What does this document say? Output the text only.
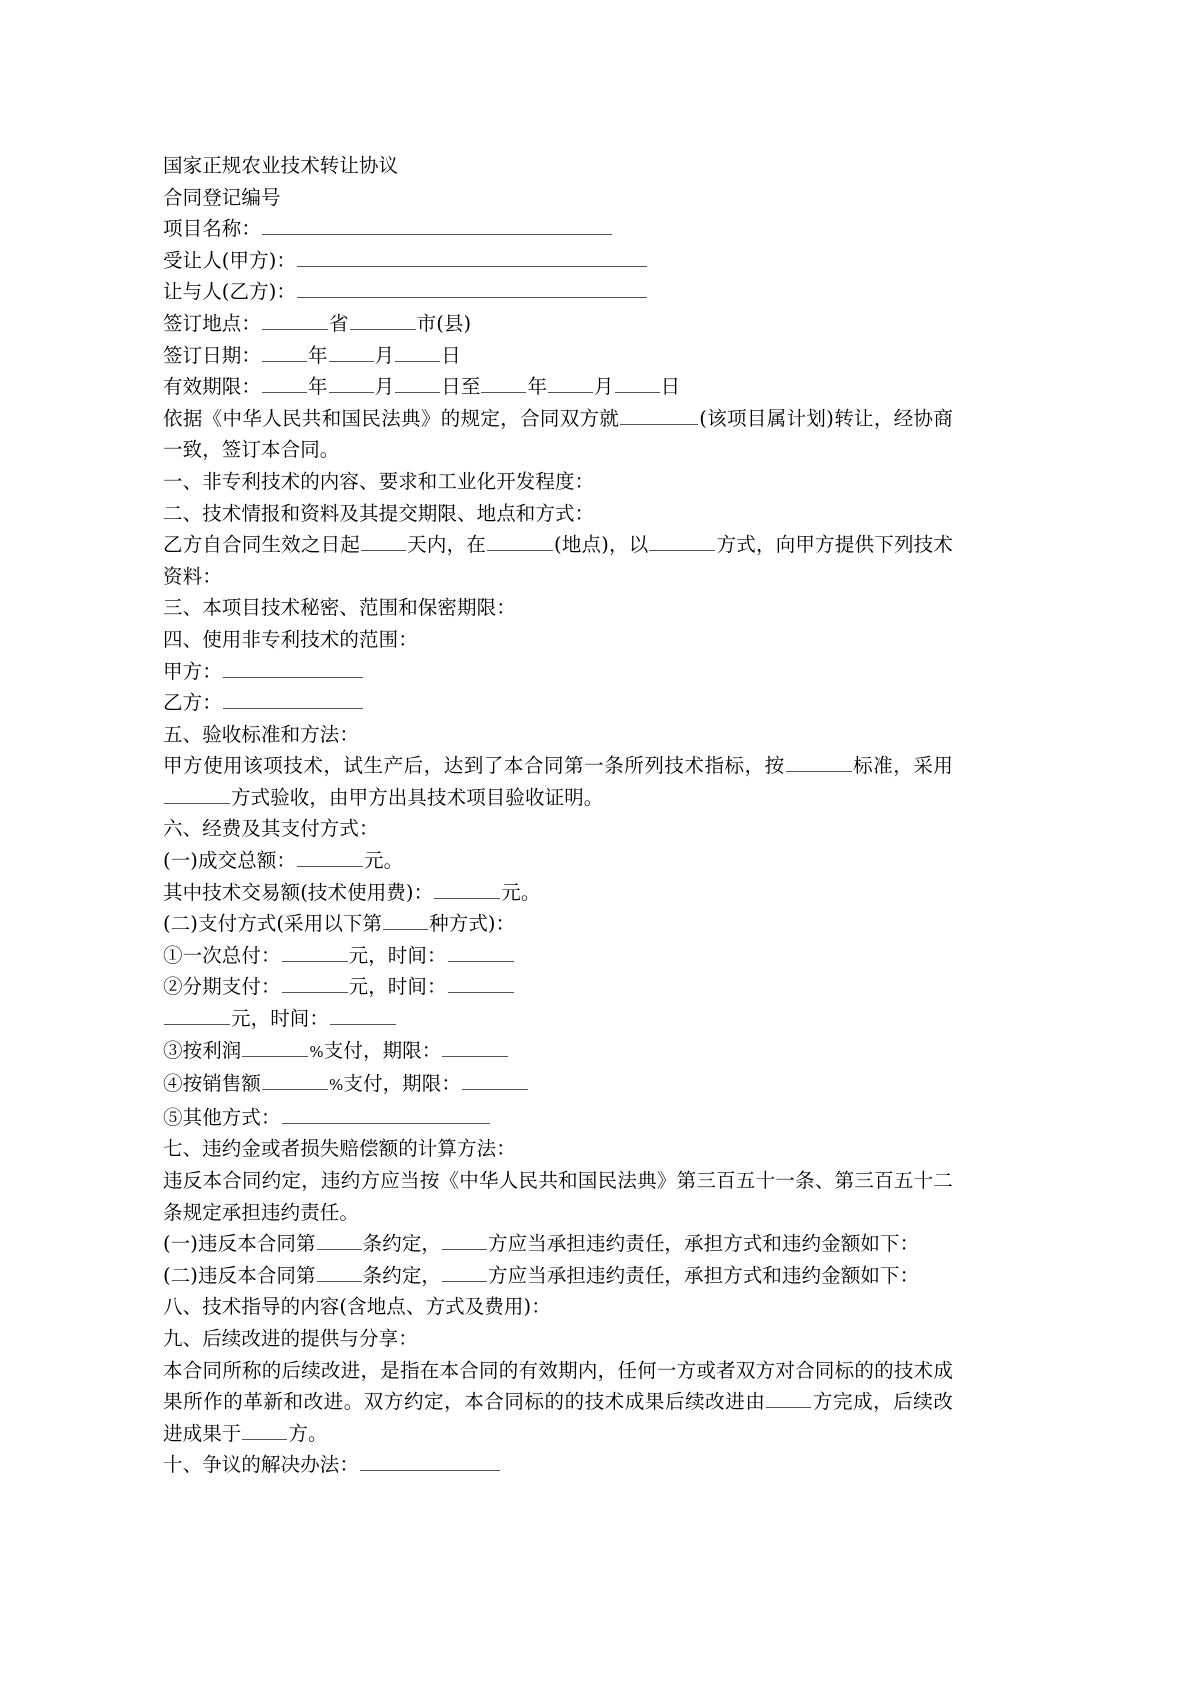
国家正规农业技术转让协议

合同登记编号

项目名称：

受让人(甲方)：

让与人(乙方)：

签订地点：	省	市(县)

签订日期： 年 月 日

有效期限： 年 月 日至 年 月 日

依据《中华人民共和国民法典》的规定，合同双方就	(该项目属计划)转让，经协商一致，签订本合同。

一、非专利技术的内容、要求和工业化开发程度：

二、技术情报和资料及其提交期限、地点和方式：

乙方自合同生效之日起 天内，在	(地点)，以	方式，向甲方提供下列技术资料：

三、本项目技术秘密、范围和保密期限：

四、使用非专利技术的范围：

甲方：

乙方：

五、验收标准和方法：

甲方使用该项技术，试生产后，达到了本合同第一条所列技术指标，按	标准，采用方式验收，由甲方出具技术项目验收证明。

六、经费及其支付方式：

(一)成交总额：	元。

其中技术交易额(技术使用费)：	元。

(二)支付方式(采用以下第 种方式)：

①一次总付：	元，时间：

②分期支付：	元，时间：

元，时间：

③按利润	%支付，期限：

④按销售额	%支付，期限：

⑤其他方式：

七、违约金或者损失赔偿额的计算方法：

违反本合同约定，违约方应当按《中华人民共和国民法典》第三百五十一条、第三百五十二条规定承担违约责任。

(一)违反本合同第 条约定， 方应当承担违约责任，承担方式和违约金额如下：

(二)违反本合同第 条约定， 方应当承担违约责任，承担方式和违约金额如下：

八、技术指导的内容(含地点、方式及费用)：

九、后续改进的提供与分享：

本合同所称的后续改进，是指在本合同的有效期内，任何一方或者双方对合同标的的技术成果所作的革新和改进。双方约定，本合同标的的技术成果后续改进由 方完成，后续改进成果于 方。

十、争议的解决办法：
